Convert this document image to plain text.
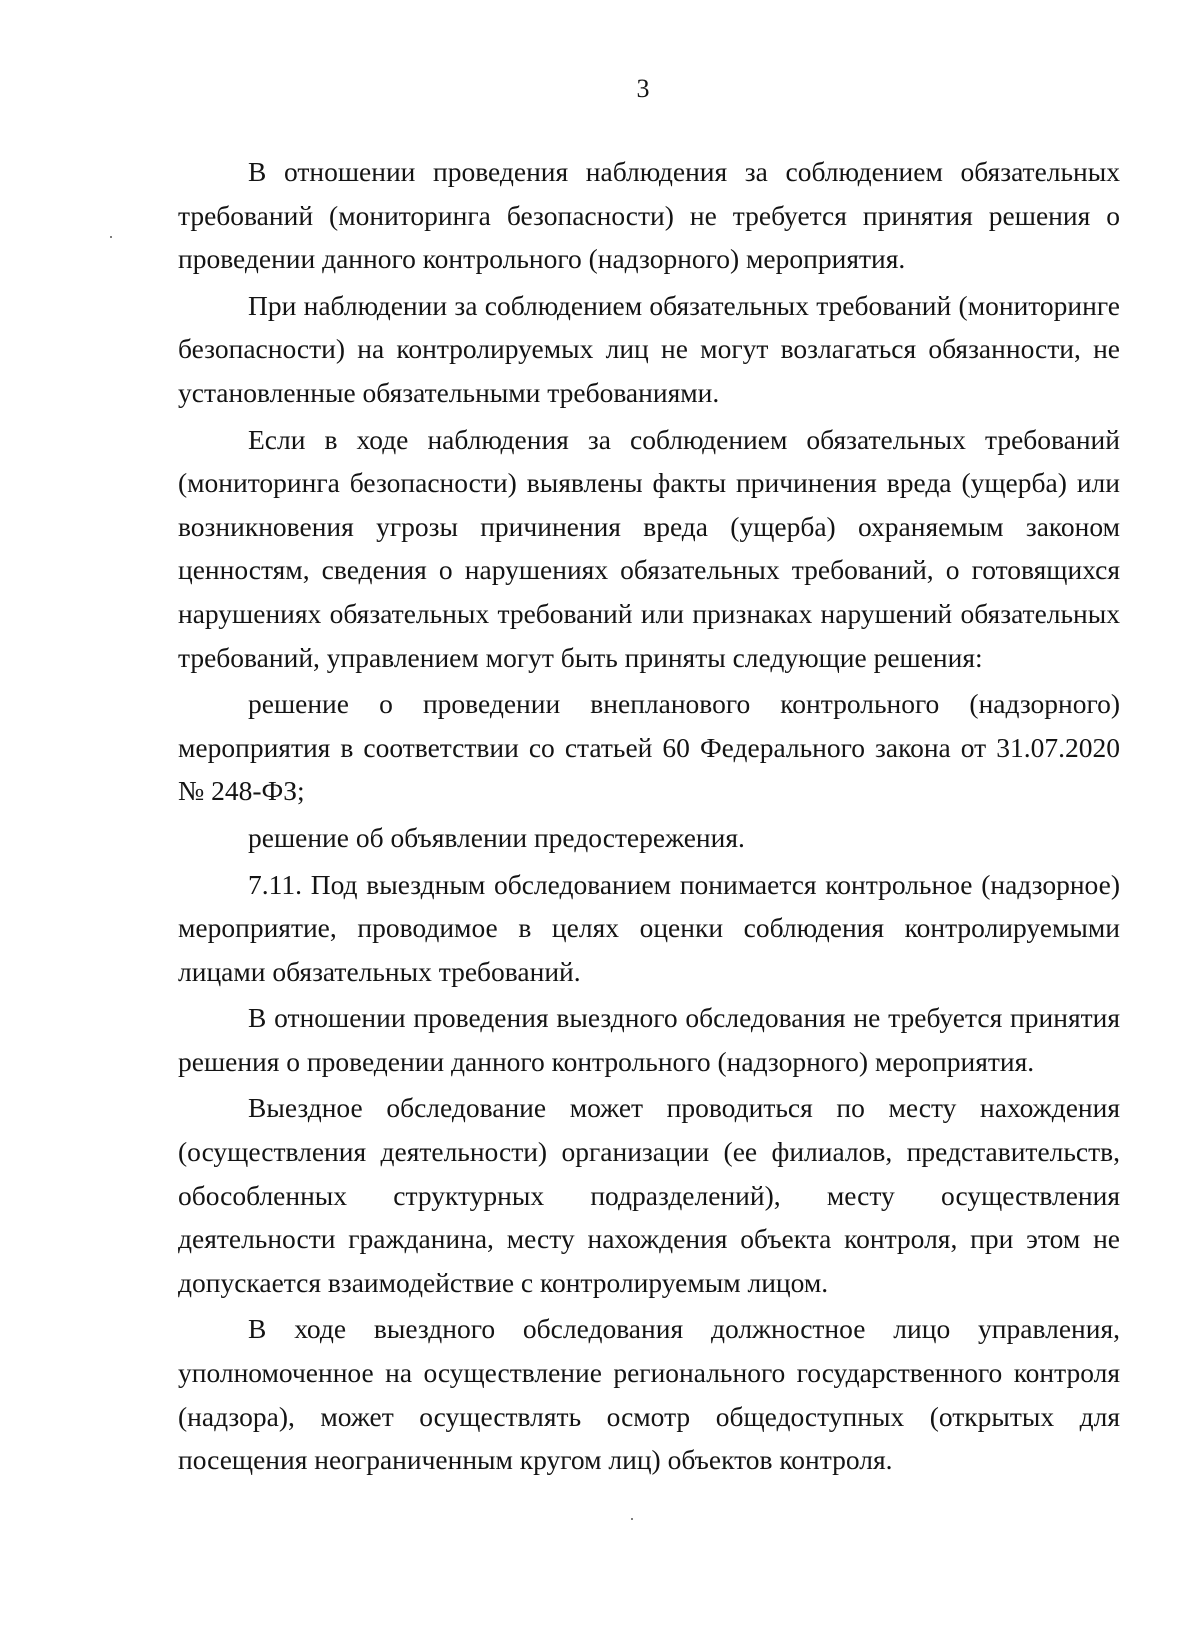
3

В отношении проведения наблюдения за соблюдением обязательных требований (мониторинга безопасности) не требуется принятия решения о проведении данного контрольного (надзорного) мероприятия.

При наблюдении за соблюдением обязательных требований (мониторинге безопасности) на контролируемых лиц не могут возлагаться обязанности, не установленные обязательными требованиями.

Если в ходе наблюдения за соблюдением обязательных требований (мониторинга безопасности) выявлены факты причинения вреда (ущерба) или возникновения угрозы причинения вреда (ущерба) охраняемым законом ценностям, сведения о нарушениях обязательных требований, о готовящихся нарушениях обязательных требований или признаках нарушений обязательных требований, управлением могут быть приняты следующие решения:

решение о проведении внепланового контрольного (надзорного) мероприятия в соответствии со статьей 60 Федерального закона от 31.07.2020 № 248-ФЗ;

решение об объявлении предостережения.

7.11. Под выездным обследованием понимается контрольное (надзорное) мероприятие, проводимое в целях оценки соблюдения контролируемыми лицами обязательных требований.

В отношении проведения выездного обследования не требуется принятия решения о проведении данного контрольного (надзорного) мероприятия.

Выездное обследование может проводиться по месту нахождения (осуществления деятельности) организации (ее филиалов, представительств, обособленных структурных подразделений), месту осуществления деятельности гражданина, месту нахождения объекта контроля, при этом не допускается взаимодействие с контролируемым лицом.

В ходе выездного обследования должностное лицо управления, уполномоченное на осуществление регионального государственного контроля (надзора), может осуществлять осмотр общедоступных (открытых для посещения неограниченным кругом лиц) объектов контроля.
